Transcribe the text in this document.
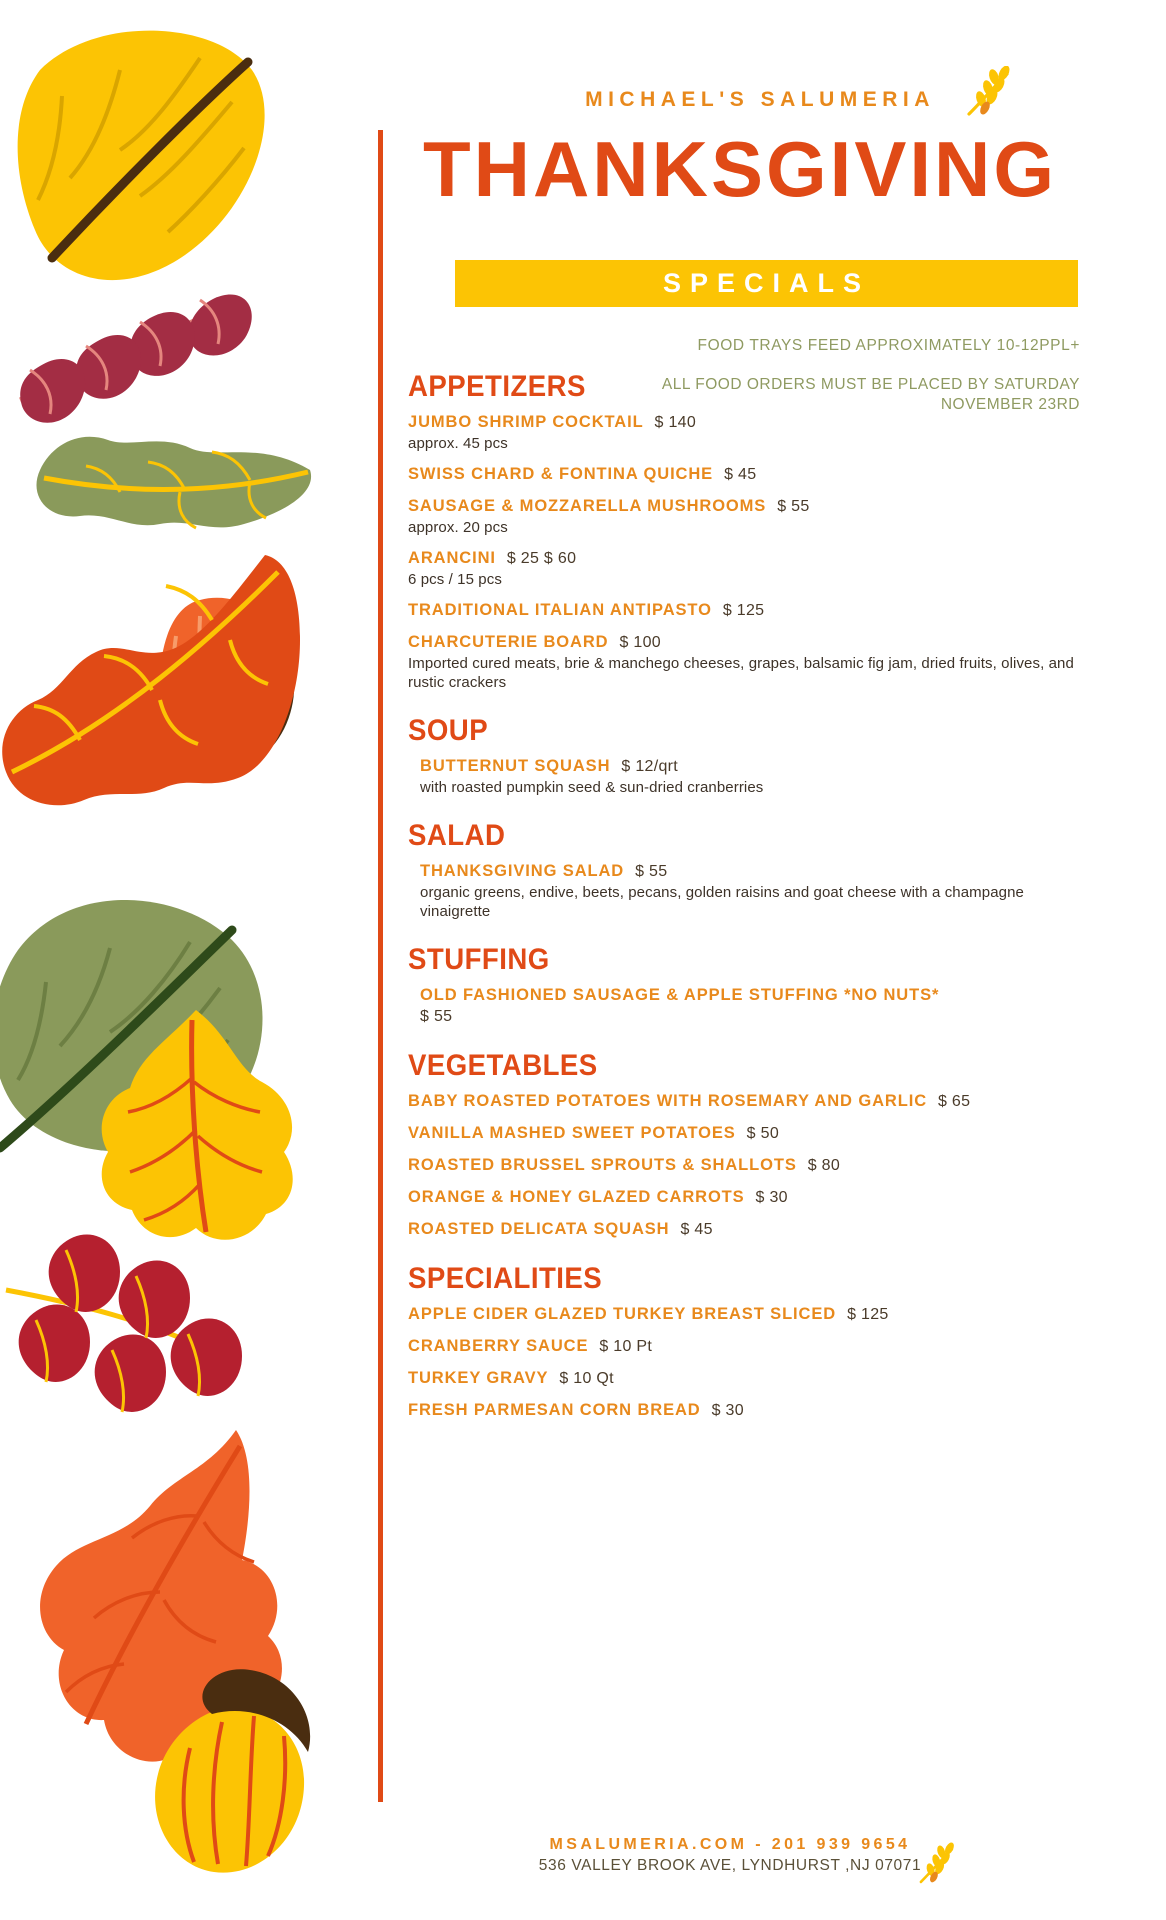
MICHAEL'S SALUMERIA
THANKSGIVING
SPECIALS
FOOD TRAYS FEED APPROXIMATELY 10-12PPL+
ALL FOOD ORDERS MUST BE PLACED BY SATURDAY NOVEMBER 23RD
APPETIZERS
JUMBO SHRIMP COCKTAIL $ 140
approx. 45 pcs
SWISS CHARD & FONTINA QUICHE $ 45
SAUSAGE & MOZZARELLA MUSHROOMS $ 55
approx. 20 pcs
ARANCINI $ 25 $ 60
6 pcs / 15 pcs
TRADITIONAL ITALIAN ANTIPASTO $ 125
CHARCUTERIE BOARD $ 100
Imported cured meats, brie & manchego cheeses, grapes, balsamic fig jam, dried fruits, olives, and rustic crackers
SOUP
BUTTERNUT SQUASH $ 12/qrt
with roasted pumpkin seed & sun-dried cranberries
SALAD
THANKSGIVING SALAD $ 55
organic greens, endive, beets, pecans, golden raisins and goat cheese with a champagne vinaigrette
STUFFING
OLD FASHIONED SAUSAGE & APPLE STUFFING *NO NUTS*
$ 55
VEGETABLES
BABY ROASTED POTATOES WITH ROSEMARY AND GARLIC $ 65
VANILLA MASHED SWEET POTATOES $ 50
ROASTED BRUSSEL SPROUTS & SHALLOTS $ 80
ORANGE & HONEY GLAZED CARROTS $ 30
ROASTED DELICATA SQUASH $ 45
SPECIALITIES
APPLE CIDER GLAZED TURKEY BREAST SLICED $ 125
CRANBERRY SAUCE $ 10 Pt
TURKEY GRAVY $ 10 Qt
FRESH PARMESAN CORN BREAD $ 30
MSALUMERIA.COM - 201 939 9654
536 VALLEY BROOK AVE, LYNDHURST ,NJ 07071
